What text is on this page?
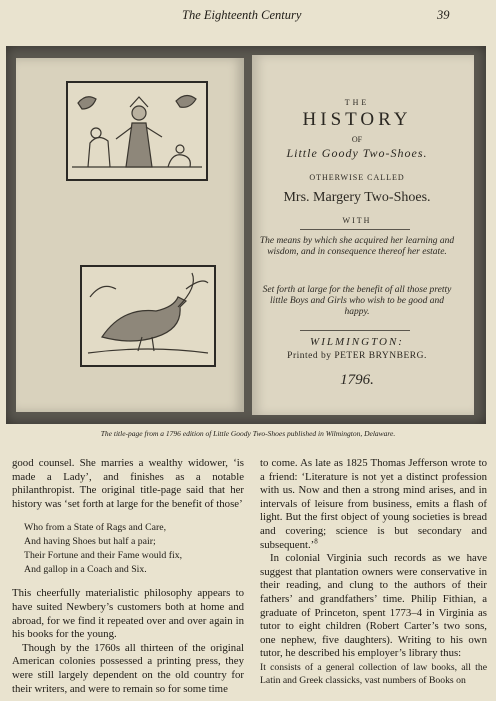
The Eighteenth Century	39
THE
HISTORY
OF
Little Goody Two-Shoes.
OTHERWISE CALLED
Mrs. Margery Two-Shoes.
WITH
The means by which she acquired her learning and wisdom, and in consequence thereof her estate.
Set forth at large for the benefit of all those pretty little Boys and Girls who wish to be good and happy.
WILMINGTON:
Printed by PETER BRYNBERG.
1796.
The title-page from a 1796 edition of Little Goody Two-Shoes published in Wilmington, Delaware.

good counsel. She marries a wealthy widower, ‘is made a Lady’, and finishes as a notable philanthropist. The original title-page said that her history was ‘set forth at large for the benefit of those’

Who from a State of Rags and Care,
And having Shoes but half a pair;
Their Fortune and their Fame would fix,
And gallop in a Coach and Six.

This cheerfully materialistic philosophy appears to have suited Newbery’s customers both at home and abroad, for we find it repeated over and over again in his books for the young.

Though by the 1760s all thirteen of the original American colonies possessed a printing press, they were still largely dependent on the old country for their writers, and were to remain so for some time

to come. As late as 1825 Thomas Jefferson wrote to a friend: ‘Literature is not yet a distinct profession with us. Now and then a strong mind arises, and in intervals of leisure from business, emits a flash of light. But the first object of young societies is bread and covering; science is but secondary and subsequent.’$^8$

In colonial Virginia such records as we have suggest that plantation owners were conservative in their reading, and clung to the authors of their fathers’ and grandfathers’ time. Philip Fithian, a graduate of Princeton, spent 1773–4 in Virginia as tutor to eight children (Robert Carter’s two sons, one nephew, five daughters). Writing to his own tutor, he described his employer’s library thus:

It consists of a general collection of law books, all the Latin and Greek classicks, vast numbers of Books on
